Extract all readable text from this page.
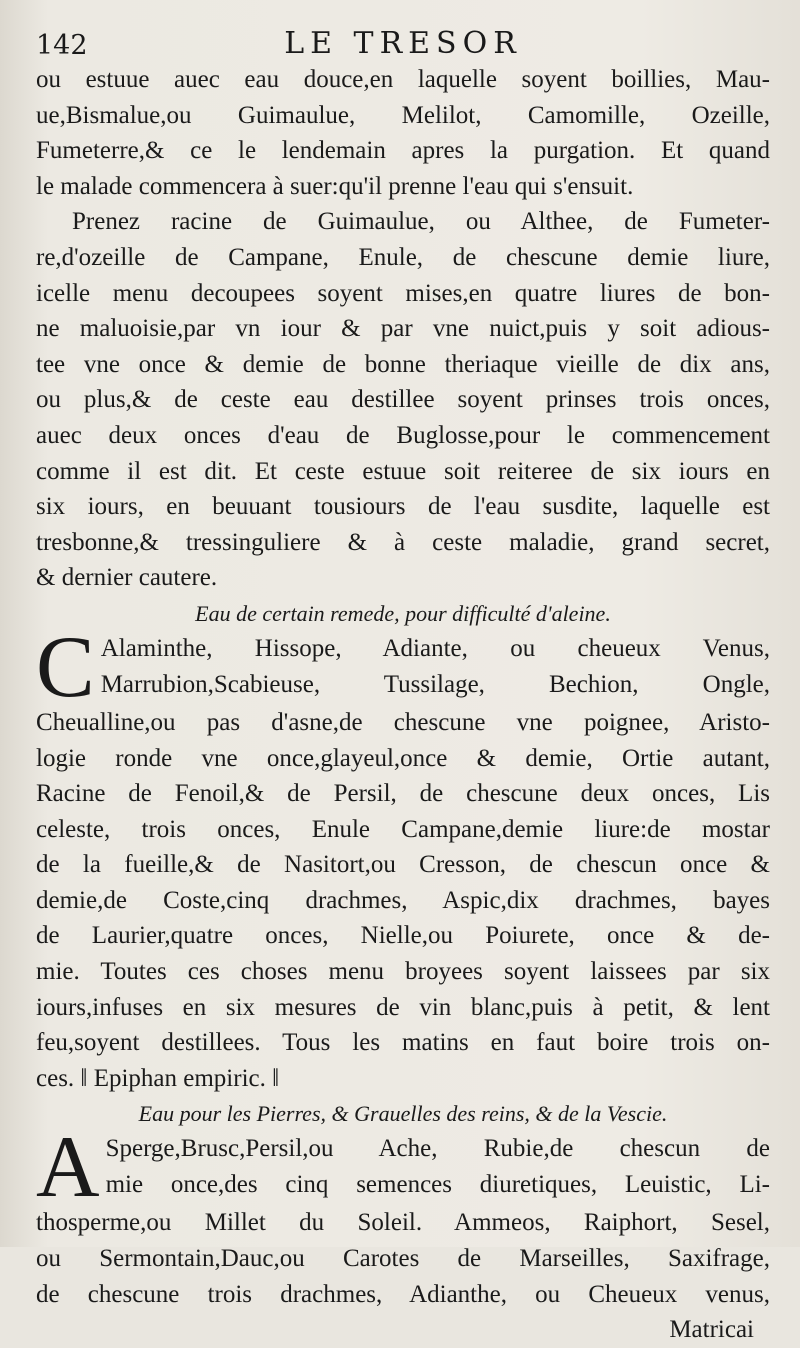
142	LE TRESOR
ou estuue auec eau douce,en laquelle soyent boillies, Mau-
ue,Bismalue,ou Guimaulue, Melilot, Camomille, Ozeille,
Fumeterre,& ce le lendemain apres la purgation. Et quand
le malade commencera à suer:qu'il prenne l'eau qui s'ensuit.
Prenez racine de Guimaulue, ou Althee, de Fumeter-
re,d'ozeille de Campane, Enule, de chescune demie liure,
icelle menu decoupees soyent mises,en quatre liures de bon-
ne maluoisie,par vn iour & par vne nuict,puis y soit adious-
tee vne once & demie de bonne theriaque vieille de dix ans,
ou plus,& de ceste eau destillee soyent prinses trois onces,
auec deux onces d'eau de Buglosse,pour le commencement
comme il est dit. Et ceste estuue soit reiteree de six iours en
six iours, en beuuant tousiours de l'eau susdite, laquelle est
tresbonne,& tressinguliere & à ceste maladie, grand secret,
& dernier cautere.
Eau de certain remede, pour difficulté d'aleine.
C Alaminthe, Hissope, Adiante, ou cheueux Venus,
Marrubion,Scabieuse, Tussilage, Bechion, Ongle,
Cheualline,ou pas d'asne,de chescune vne poignee, Aristo-
logie ronde vne once,glayeul,once & demie, Ortie autant,
Racine de Fenoil,& de Persil, de chescune deux onces, Lis
celeste, trois onces, Enule Campane,demie liure:de mostar
de la fueille,& de Nasitort,ou Cresson, de chescun once &
demie,de Coste,cinq drachmes, Aspic,dix drachmes, bayes
de Laurier,quatre onces, Nielle,ou Poiurete, once & de-
mie. Toutes ces choses menu broyees soyent laissees par six
iours,infuses en six mesures de vin blanc,puis à petit, & lent
feu,soyent destillees. Tous les matins en faut boire trois on-
ces. ‖ Epiphan empiric. ‖
Eau pour les Pierres, & Grauelles des reins, & de la Vescie.
A Sperge,Brusc,Persil,ou Ache, Rubie,de chescun de
mie once,des cinq semences diuretiques, Leuistic, Li-
thosperme,ou Millet du Soleil. Ammeos, Raiphort, Sesel,
ou Sermontain,Dauc,ou Carotes de Marseilles, Saxifrage,
de chescune trois drachmes, Adianthe, ou Cheueux venus,
Matricai
